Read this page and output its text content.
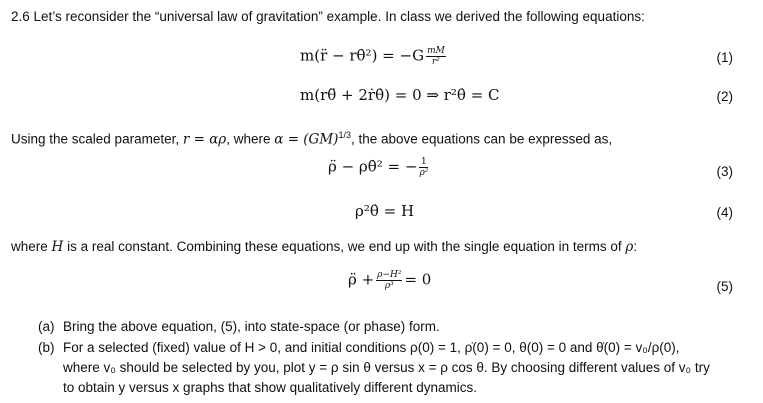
2.6 Let’s reconsider the “universal law of gravitation” example. In class we derived the following equations:
m(r̈ − rθ̇²) = $-G \frac{mM}{\text{r²}}$	(1)
m(rθ̈ + 2ṙθ̇) = 0 ⇒ r²θ̇ = C	(2)
Using the scaled parameter, r = αρ, where α = (GM)$^{1/3}$, the above equations can be expressed as,
ρ̈ − ρθ̇² = − $\frac{1}{\text{ρ²}}$	(3)
ρ²θ̇ = H	(4)
where H is a real constant. Combining these equations, we end up with the single equation in terms of ρ:
ρ̈ + $\frac{\text{ρ−H²}}{\text{ρ³}} = 0$	(5)
(a) Bring the above equation, (5), into state-space (or phase) form.
(b) For a selected (fixed) value of H > 0, and initial conditions ρ(0) = 1, ρ̇(0) = 0, θ(0) = 0 and θ̇(0) = v₀/ρ(0),
where v₀ should be selected by you, plot y = ρ sin θ versus x = ρ cos θ. By choosing different values of v₀ try
to obtain y versus x graphs that show qualitatively different dynamics.
